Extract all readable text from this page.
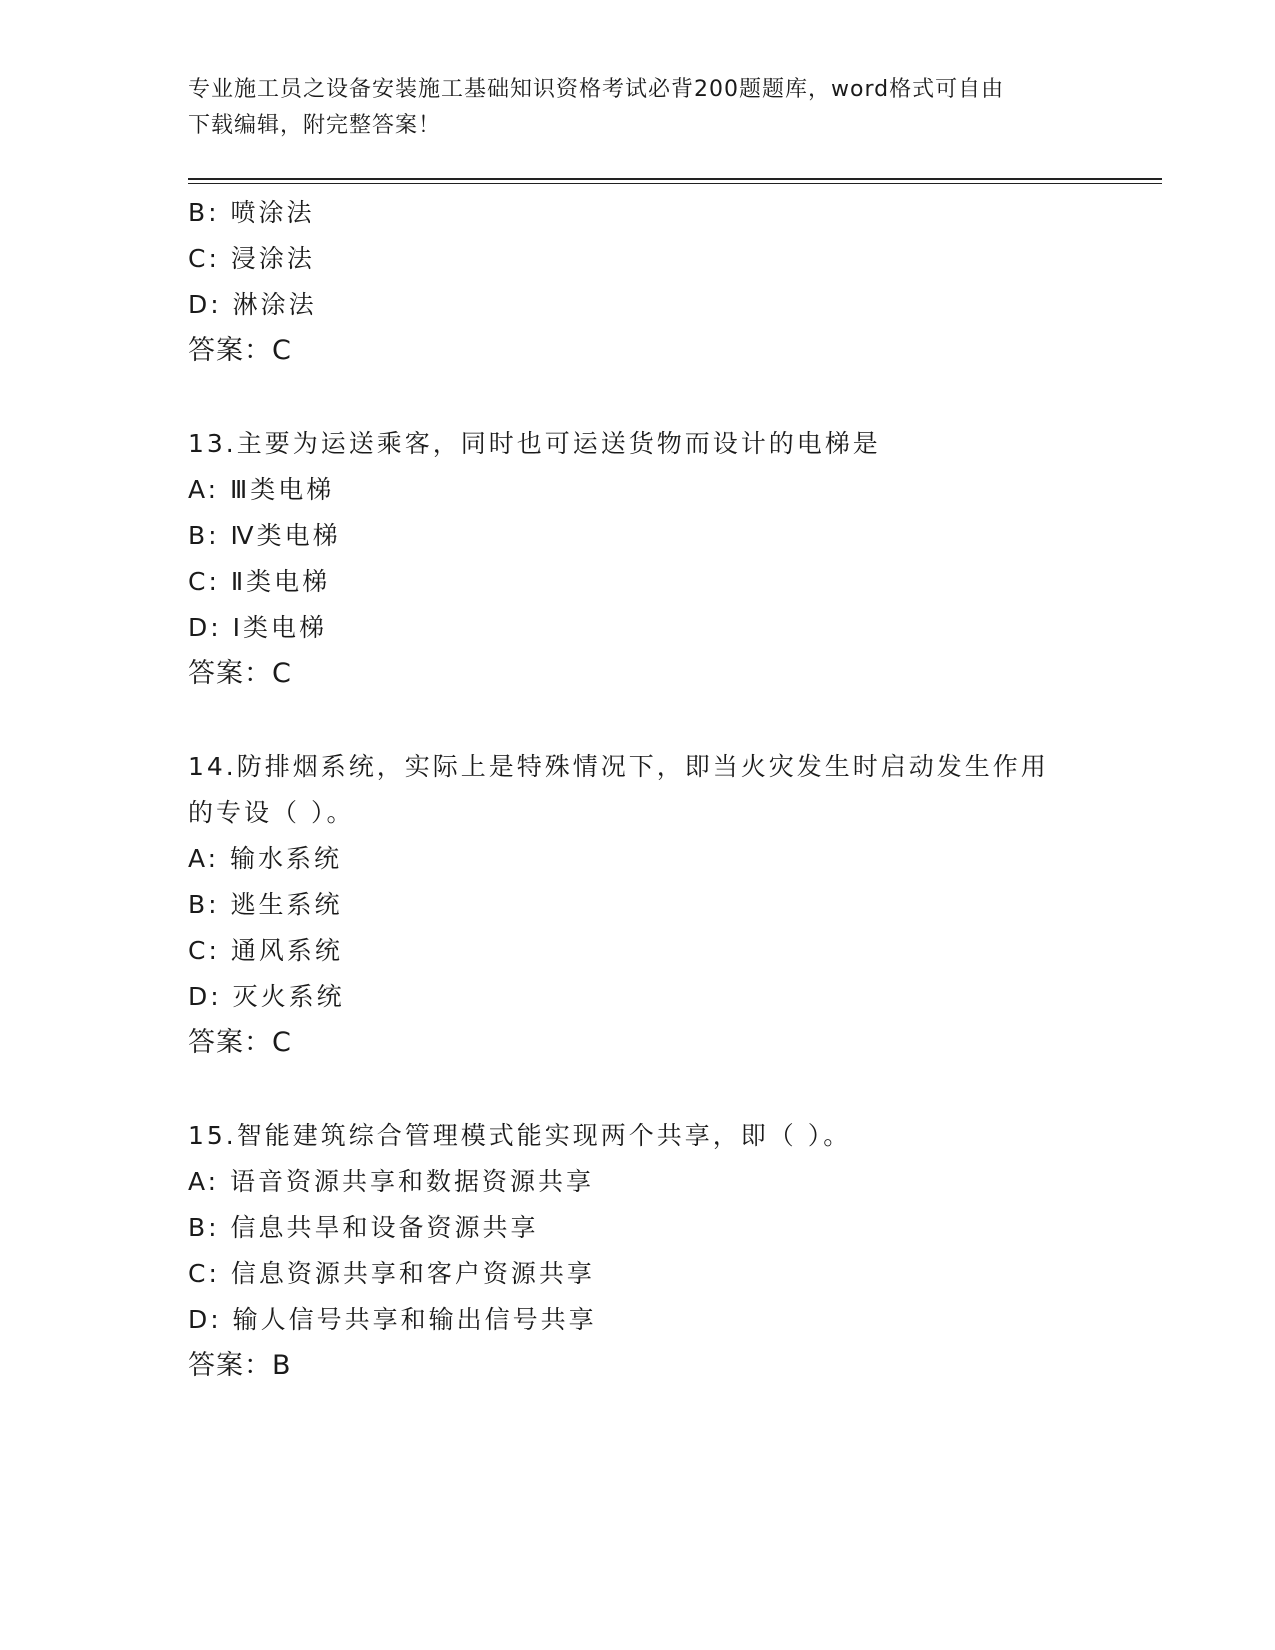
专业施工员之设备安装施工基础知识资格考试必背200题题库，word格式可自由
下载编辑，附完整答案！
B: 喷涂法
C: 浸涂法
D: 淋涂法
答案：C
13.主要为运送乘客，同时也可运送货物而设计的电梯是
A: Ⅲ类电梯
B: Ⅳ类电梯
C: Ⅱ类电梯
D: Ⅰ类电梯
答案：C
14.防排烟系统，实际上是特殊情况下，即当火灾发生时启动发生作用
的专设（ ）。
A: 输水系统
B: 逃生系统
C: 通风系统
D: 灭火系统
答案：C
15.智能建筑综合管理模式能实现两个共享，即（ ）。
A: 语音资源共享和数据资源共享
B: 信息共旱和设备资源共享
C: 信息资源共享和客户资源共享
D: 输人信号共享和输出信号共享
答案：B
